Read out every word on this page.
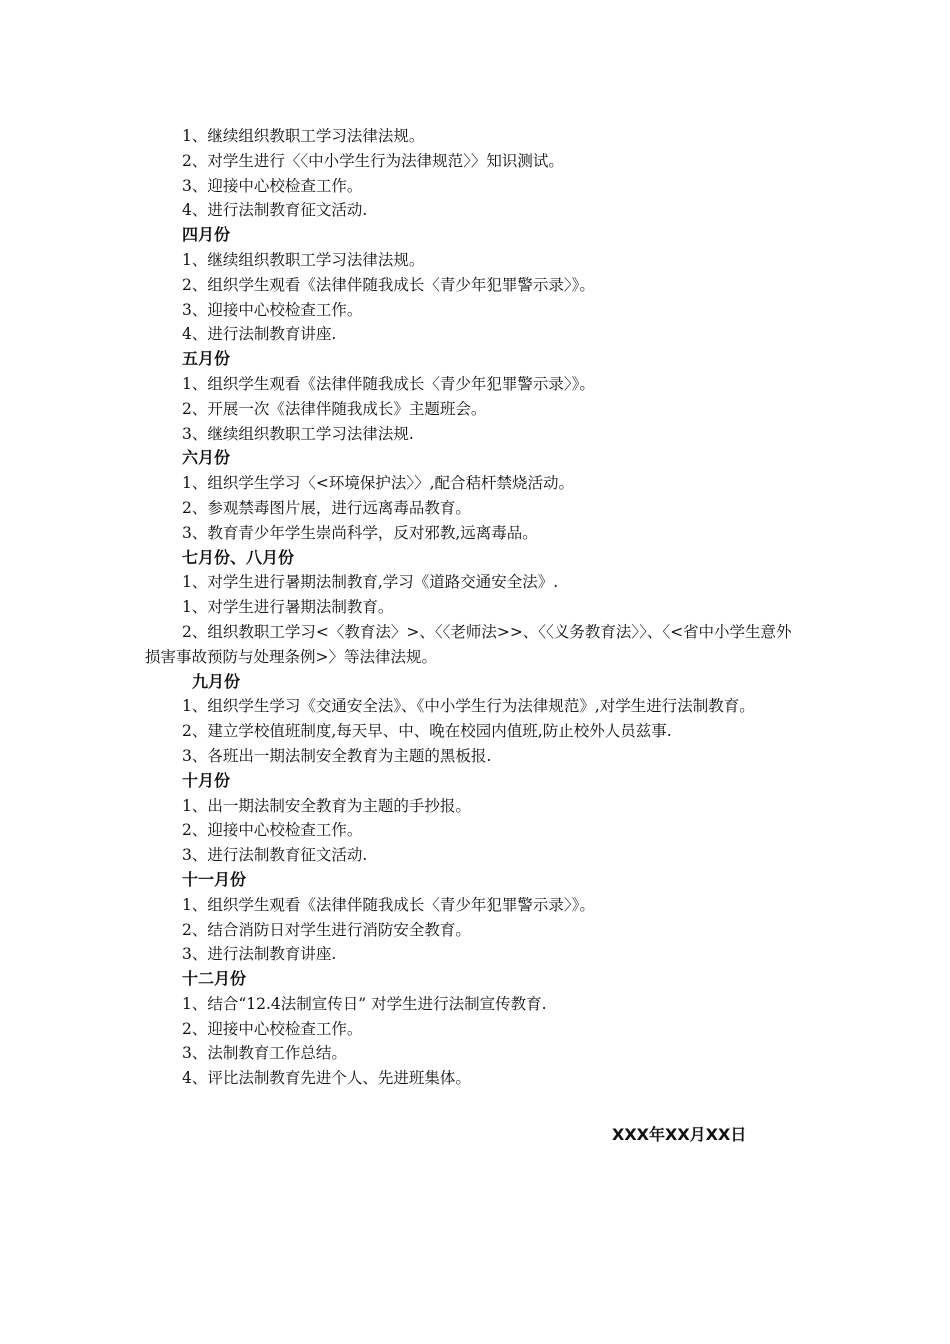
1、继续组织教职工学习法律法规。
2、对学生进行〈〈中小学生行为法律规范〉〉知识测试。
3、迎接中心校检查工作。
4、进行法制教育征文活动.
四月份
1、继续组织教职工学习法律法规。
2、组织学生观看《法律伴随我成长〈青少年犯罪警示录〉》。
3、迎接中心校检查工作。
4、进行法制教育讲座.
五月份
1、组织学生观看《法律伴随我成长〈青少年犯罪警示录〉》。
2、开展一次《法律伴随我成长》主题班会。
3、继续组织教职工学习法律法规.
六月份
1、组织学生学习〈<环境保护法〉〉,配合秸杆禁烧活动。
2、参观禁毒图片展，进行远离毒品教育。
3、教育青少年学生崇尚科学，反对邪教,远离毒品。
七月份、八月份
1、对学生进行暑期法制教育,学习《道路交通安全法》.
1、对学生进行暑期法制教育。
2、组织教职工学习<〈教育法〉>、〈〈老师法>>、〈〈义务教育法〉〉、〈<省中小学生意外损害事故预防与处理条例>〉等法律法规。
九月份
1、组织学生学习《交通安全法》、《中小学生行为法律规范》,对学生进行法制教育。
2、建立学校值班制度,每天早、中、晚在校园内值班,防止校外人员兹事.
3、各班出一期法制安全教育为主题的黑板报.
十月份
1、出一期法制安全教育为主题的手抄报。
2、迎接中心校检查工作。
3、进行法制教育征文活动.
十一月份
1、组织学生观看《法律伴随我成长〈青少年犯罪警示录〉》。
2、结合消防日对学生进行消防安全教育。
3、进行法制教育讲座.
十二月份
1、结合“12.4法制宣传日” 对学生进行法制宣传教育.
2、迎接中心校检查工作。
3、法制教育工作总结。
4、评比法制教育先进个人、先进班集体。
XXX年XX月XX日
